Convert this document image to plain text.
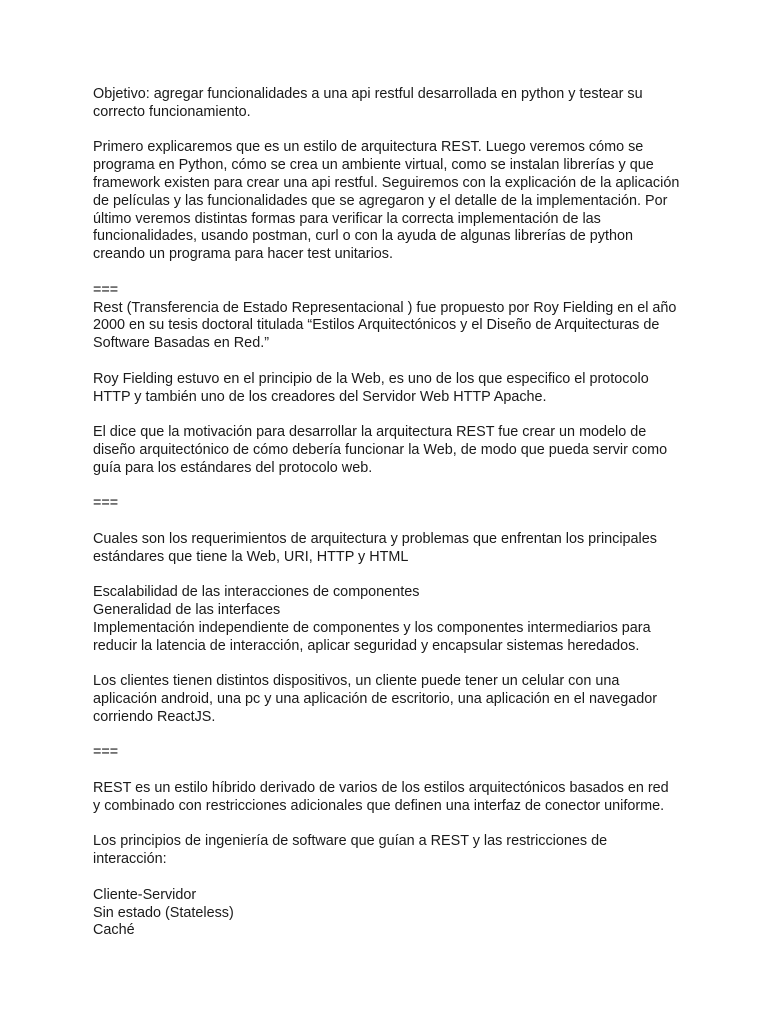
Objetivo: agregar funcionalidades a una api restful desarrollada en python y testear su
correcto funcionamiento.

Primero explicaremos que es un estilo de arquitectura REST. Luego veremos cómo se
programa en Python, cómo se crea un ambiente virtual, como se instalan librerías y que
framework existen para crear una api restful. Seguiremos con la explicación de la aplicación
de películas y las funcionalidades que se agregaron y el detalle de la implementación. Por
último veremos distintas formas para verificar la correcta implementación de las
funcionalidades, usando postman, curl o con la ayuda de algunas librerías de python
creando un programa para hacer test unitarios.

===
Rest (Transferencia de Estado Representacional ) fue propuesto por Roy Fielding en el año
2000 en su tesis doctoral titulada “Estilos Arquitectónicos y el Diseño de Arquitecturas de
Software Basadas en Red.”

Roy Fielding estuvo en el principio de la Web, es uno de los que especifico el protocolo
HTTP y también uno de los creadores del Servidor Web HTTP Apache.

El dice que la motivación para desarrollar la arquitectura REST fue crear un modelo de
diseño arquitectónico de cómo debería funcionar la Web, de modo que pueda servir como
guía para los estándares del protocolo web.

===

Cuales son los requerimientos de arquitectura y problemas que enfrentan los principales
estándares que tiene la Web, URI, HTTP y HTML

Escalabilidad de las interacciones de componentes
Generalidad de las interfaces
Implementación independiente de componentes y los componentes intermediarios para
reducir la latencia de interacción, aplicar seguridad y encapsular sistemas heredados.

Los clientes tienen distintos dispositivos, un cliente puede tener un celular con una
aplicación android, una pc y una aplicación de escritorio, una aplicación en el navegador
corriendo ReactJS.

===

REST es un estilo híbrido derivado de varios de los estilos arquitectónicos basados en red
y combinado con restricciones adicionales que definen una interfaz de conector uniforme.

Los principios de ingeniería de software que guían a REST y las restricciones de
interacción:

Cliente-Servidor
Sin estado (Stateless)
Caché
